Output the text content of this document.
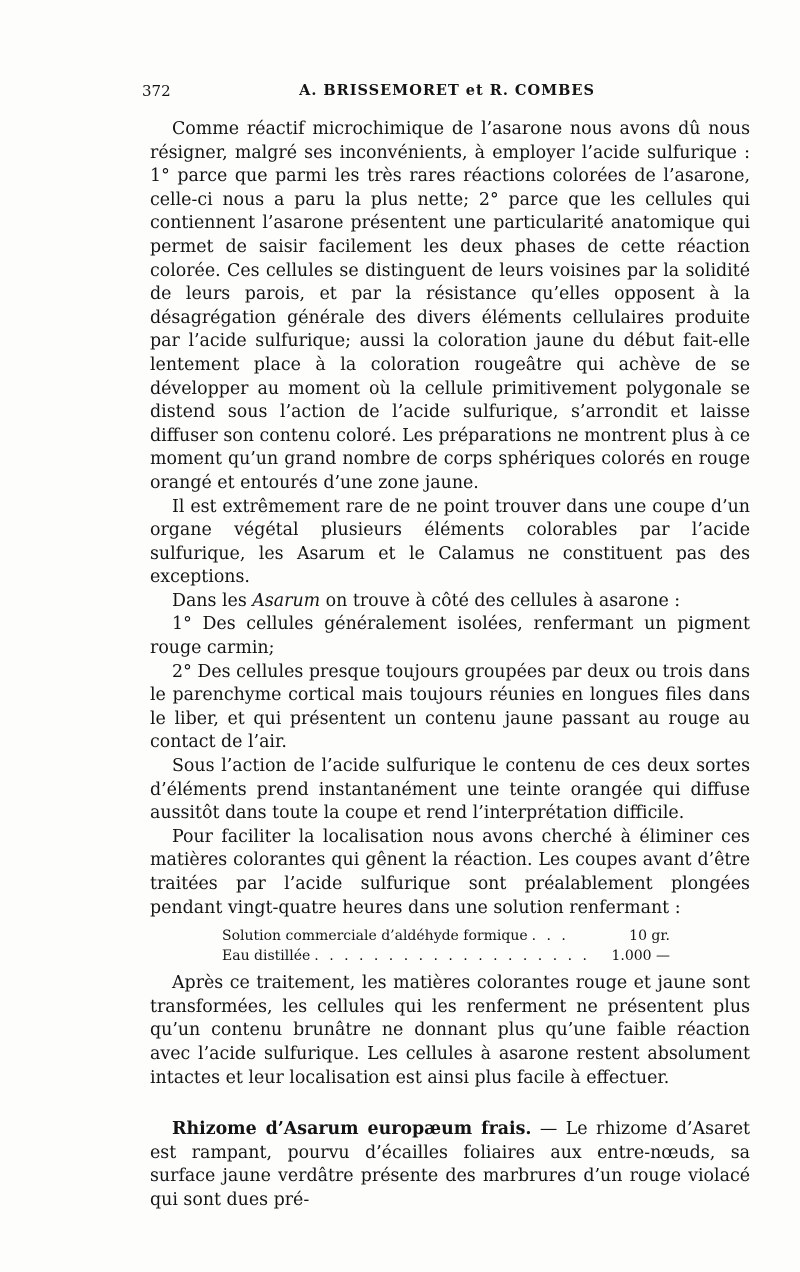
372	A. BRISSEMORET et R. COMBES

Comme réactif microchimique de l’asarone nous avons dû nous résigner, malgré ses inconvénients, à employer l’acide sulfurique : 1° parce que parmi les très rares réactions colorées de l’asarone, celle-ci nous a paru la plus nette; 2° parce que les cellules qui contiennent l’asarone présentent une particularité anatomique qui permet de saisir facilement les deux phases de cette réaction colorée. Ces cellules se distinguent de leurs voisines par la solidité de leurs parois, et par la résistance qu’elles opposent à la désagrégation générale des divers éléments cellulaires produite par l’acide sulfurique; aussi la coloration jaune du début fait-elle lentement place à la coloration rougeâtre qui achève de se développer au moment où la cellule primitivement polygonale se distend sous l’action de l’acide sulfurique, s’arrondit et laisse diffuser son contenu coloré. Les préparations ne montrent plus à ce moment qu’un grand nombre de corps sphériques colorés en rouge orangé et entourés d’une zone jaune.

Il est extrêmement rare de ne point trouver dans une coupe d’un organe végétal plusieurs éléments colorables par l’acide sulfurique, les Asarum et le Calamus ne constituent pas des exceptions.

Dans les Asarum on trouve à côté des cellules à asarone :

1° Des cellules généralement isolées, renfermant un pigment rouge carmin;

2° Des cellules presque toujours groupées par deux ou trois dans le parenchyme cortical mais toujours réunies en longues files dans le liber, et qui présentent un contenu jaune passant au rouge au contact de l’air.

Sous l’action de l’acide sulfurique le contenu de ces deux sortes d’éléments prend instantanément une teinte orangée qui diffuse aussitôt dans toute la coupe et rend l’interprétation difficile.

Pour faciliter la localisation nous avons cherché à éliminer ces matières colorantes qui gênent la réaction. Les coupes avant d’être traitées par l’acide sulfurique sont préalablement plongées pendant vingt-quatre heures dans une solution renfermant :

Solution commerciale d’aldéhyde formique . . .	10 gr.
Eau distillée . . . . . . . . . . . . . . . . . . .	1.000 —

Après ce traitement, les matières colorantes rouge et jaune sont transformées, les cellules qui les renferment ne présentent plus qu’un contenu brunâtre ne donnant plus qu’une faible réaction avec l’acide sulfurique. Les cellules à asarone restent absolument intactes et leur localisation est ainsi plus facile à effectuer.

Rhizome d’Asarum europæum frais. — Le rhizome d’Asaret est rampant, pourvu d’écailles foliaires aux entre-nœuds, sa surface jaune verdâtre présente des marbrures d’un rouge violacé qui sont dues pré-
